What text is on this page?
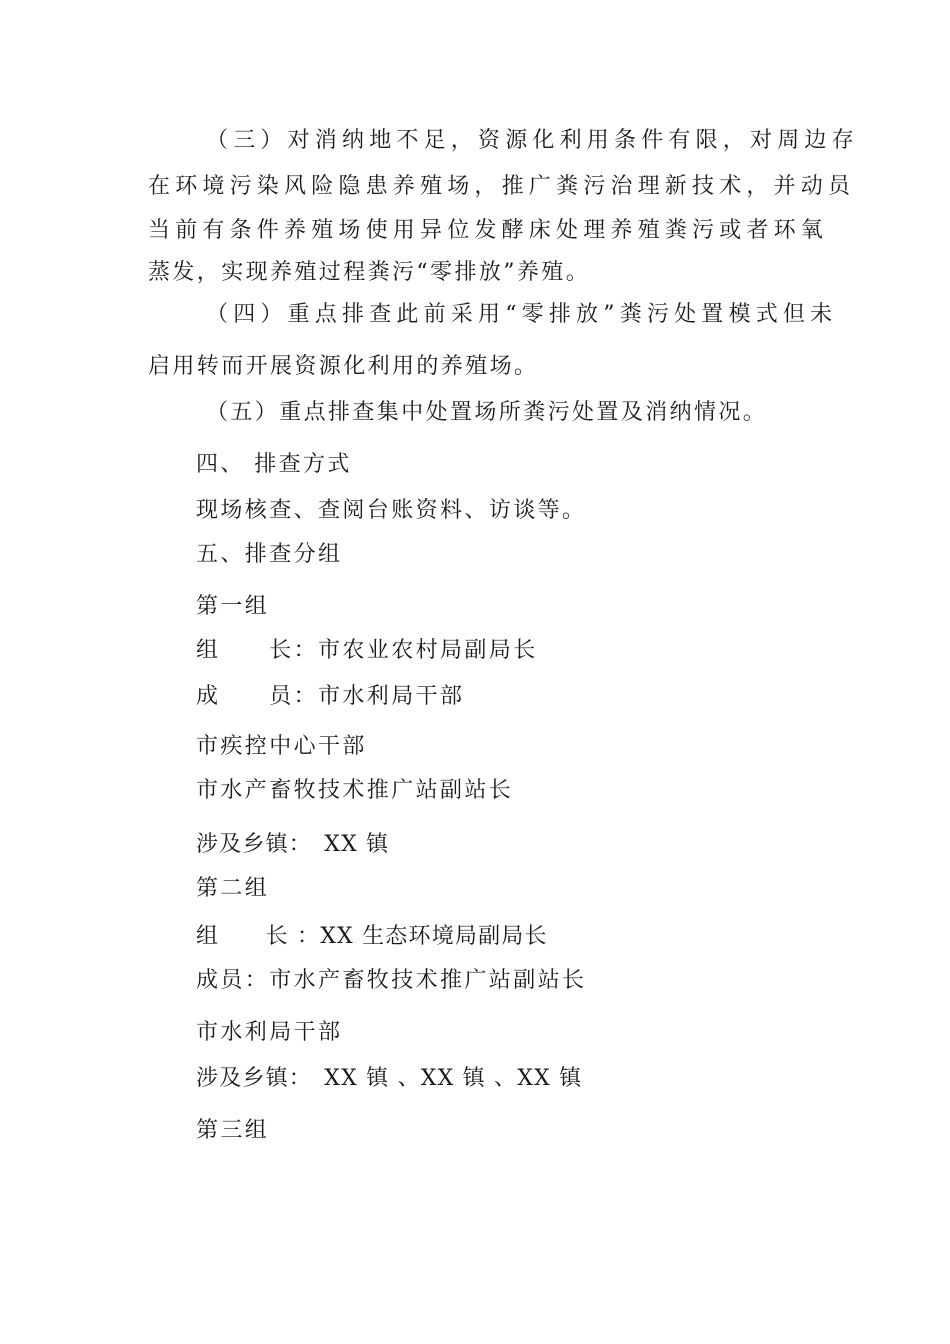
（三）对消纳地不足，资源化利用条件有限，对周边存
在环境污染风险隐患养殖场，推广粪污治理新技术，并动员
当前有条件养殖场使用异位发酵床处理养殖粪污或者环氧
蒸发，实现养殖过程粪污“零排放”养殖。
（四）重点排查此前采用“零排放”粪污处置模式但未
启用转而开展资源化利用的养殖场。
（五）重点排查集中处置场所粪污处置及消纳情况。
四、 排查方式
现场核查、查阅台账资料、访谈等。
五、排查分组
第一组
组　　长：市农业农村局副局长
成　　员：市水利局干部
市疾控中心干部
市水产畜牧技术推广站副站长
涉及乡镇：　XX 镇
第二组
组　　长 ：XX 生态环境局副局长
成员：市水产畜牧技术推广站副站长
市水利局干部
涉及乡镇：　XX 镇 、XX 镇 、XX 镇
第三组
